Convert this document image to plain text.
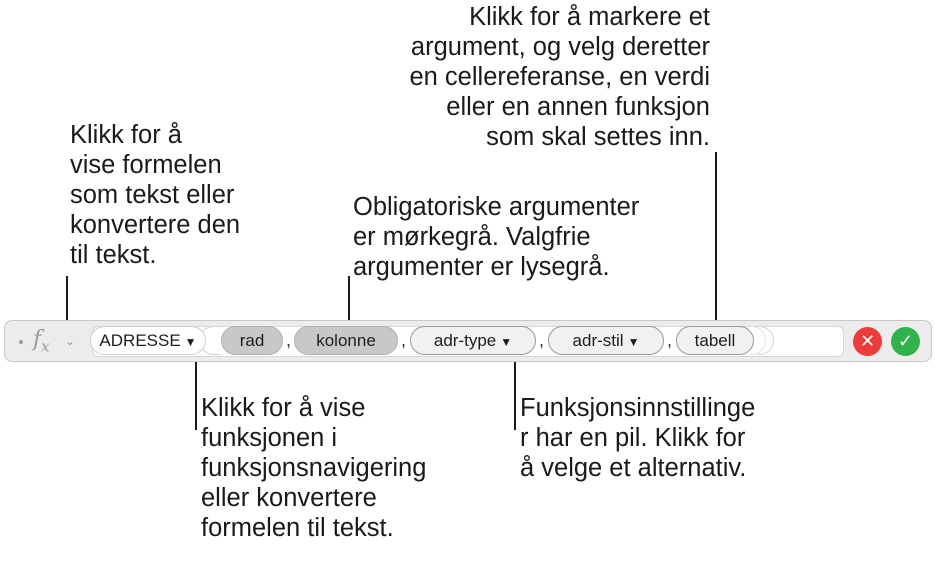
Klikk for å markere et
argument, og velg deretter
en cellereferanse, en verdi
eller en annen funksjon
som skal settes inn.
Klikk for å
vise formelen
som tekst eller
konvertere den
til tekst.
Obligatoriske argumenter
er mørkegrå. Valgfrie
argumenter er lysegrå.
Klikk for å vise
funksjonen i
funksjonsnavigering
eller konvertere
formelen til tekst.
Funksjonsinnstillinge
r har en pil. Klikk for
å velge et alternativ.
$f_x$ ⌄	ADRESSE ▼	rad	,	kolonne	,	adr-type ▼	,	adr-stil ▼	,	tabell	✕	✓
